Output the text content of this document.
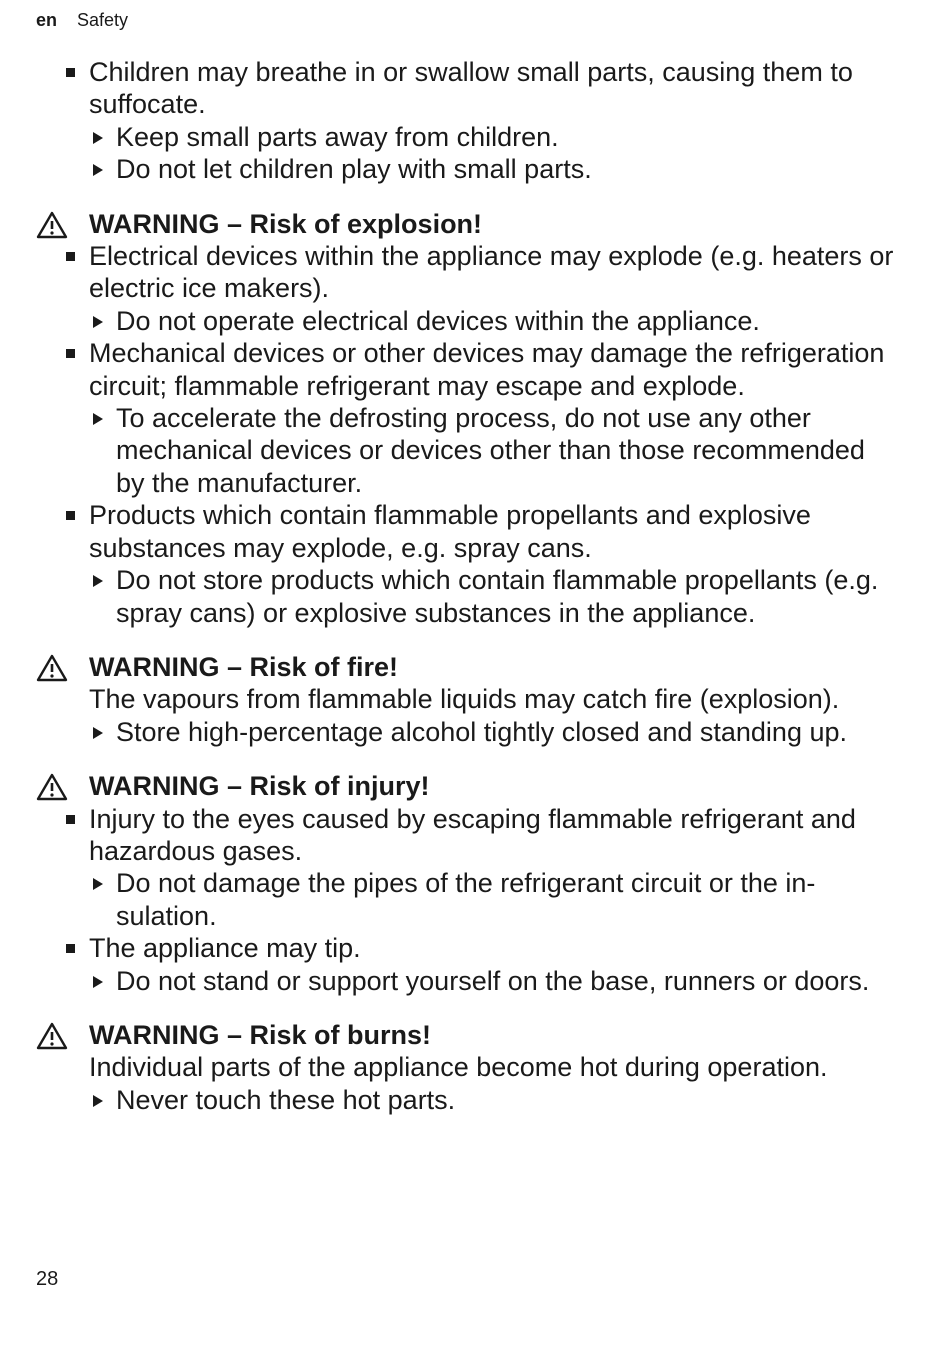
en Safety
Children may breathe in or swallow small parts, causing them to suffocate.
Keep small parts away from children.
Do not let children play with small parts.
WARNING – Risk of explosion!
Electrical devices within the appliance may explode (e.g. heaters or electric ice makers).
Do not operate electrical devices within the appliance.
Mechanical devices or other devices may damage the refrigeration circuit; flammable refrigerant may escape and explode.
To accelerate the defrosting process, do not use any other mechanical devices or devices other than those recommended by the manufacturer.
Products which contain flammable propellants and explosive substances may explode, e.g. spray cans.
Do not store products which contain flammable propellants (e.g. spray cans) or explosive substances in the appliance.
WARNING – Risk of fire!
The vapours from flammable liquids may catch fire (explosion).
Store high-percentage alcohol tightly closed and standing up.
WARNING – Risk of injury!
Injury to the eyes caused by escaping flammable refrigerant and hazardous gases.
Do not damage the pipes of the refrigerant circuit or the insulation.
The appliance may tip.
Do not stand or support yourself on the base, runners or doors.
WARNING – Risk of burns!
Individual parts of the appliance become hot during operation.
Never touch these hot parts.
28
